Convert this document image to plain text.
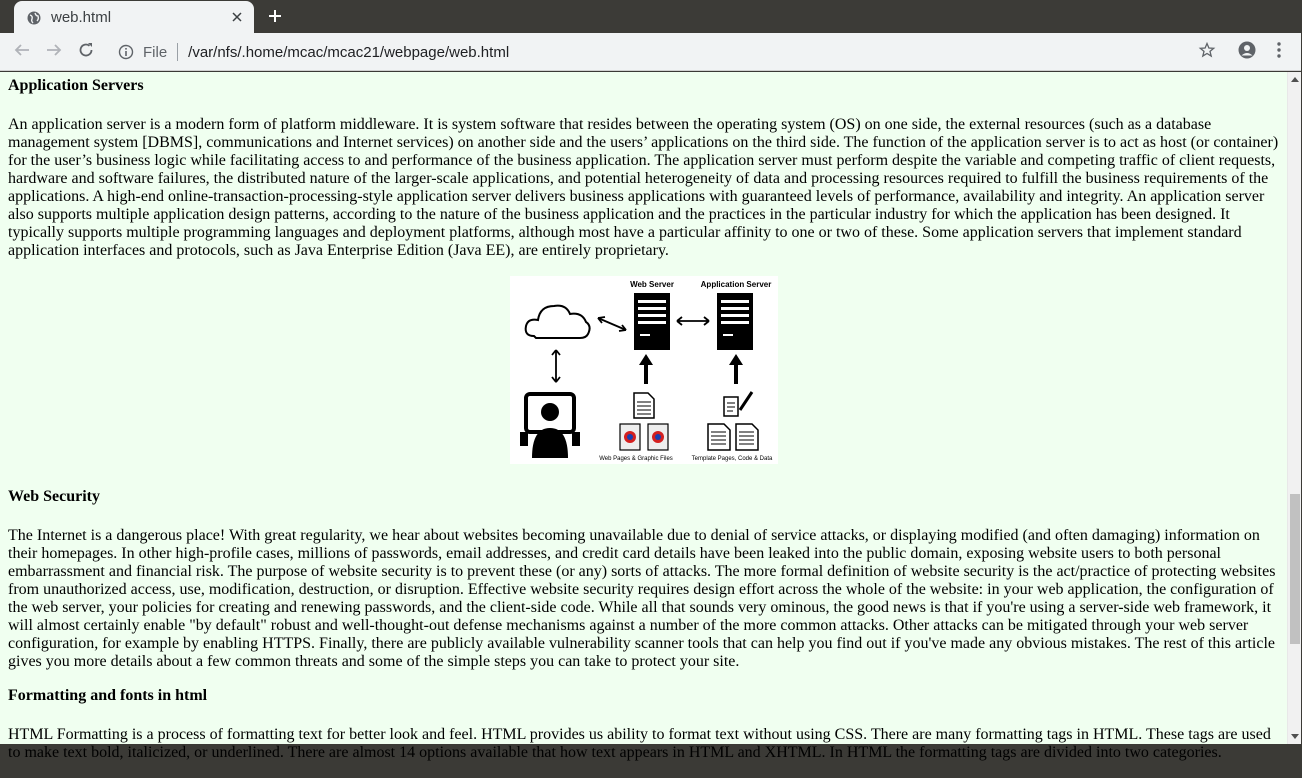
web.html
File /var/nfs/.home/mcac/mcac21/webpage/web.html
Application Servers

An application server is a modern form of platform middleware. It is system software that resides between the operating system (OS) on one side, the external resources (such as a database management system [DBMS], communications and Internet services) on another side and the users’ applications on the third side. The function of the application server is to act as host (or container) for the user’s business logic while facilitating access to and performance of the business application. The application server must perform despite the variable and competing traffic of client requests, hardware and software failures, the distributed nature of the larger-scale applications, and potential heterogeneity of data and processing resources required to fulfill the business requirements of the applications. A high-end online-transaction-processing-style application server delivers business applications with guaranteed levels of performance, availability and integrity. An application server also supports multiple application design patterns, according to the nature of the business application and the practices in the particular industry for which the application has been designed. It typically supports multiple programming languages and deployment platforms, although most have a particular affinity to one or two of these. Some application servers that implement standard application interfaces and protocols, such as Java Enterprise Edition (Java EE), are entirely proprietary.

Web Server	Application Server
Web Pages & Graphic Files	Template Pages, Code & Data
Web Security

The Internet is a dangerous place! With great regularity, we hear about websites becoming unavailable due to denial of service attacks, or displaying modified (and often damaging) information on their homepages. In other high-profile cases, millions of passwords, email addresses, and credit card details have been leaked into the public domain, exposing website users to both personal embarrassment and financial risk. The purpose of website security is to prevent these (or any) sorts of attacks. The more formal definition of website security is the act/practice of protecting websites from unauthorized access, use, modification, destruction, or disruption. Effective website security requires design effort across the whole of the website: in your web application, the configuration of the web server, your policies for creating and renewing passwords, and the client-side code. While all that sounds very ominous, the good news is that if you're using a server-side web framework, it will almost certainly enable "by default" robust and well-thought-out defense mechanisms against a number of the more common attacks. Other attacks can be mitigated through your web server configuration, for example by enabling HTTPS. Finally, there are publicly available vulnerability scanner tools that can help you find out if you've made any obvious mistakes. The rest of this article gives you more details about a few common threats and some of the simple steps you can take to protect your site.

Formatting and fonts in html

HTML Formatting is a process of formatting text for better look and feel. HTML provides us ability to format text without using CSS. There are many formatting tags in HTML. These tags are used to make text bold, italicized, or underlined. There are almost 14 options available that how text appears in HTML and XHTML. In HTML the formatting tags are divided into two categories.
